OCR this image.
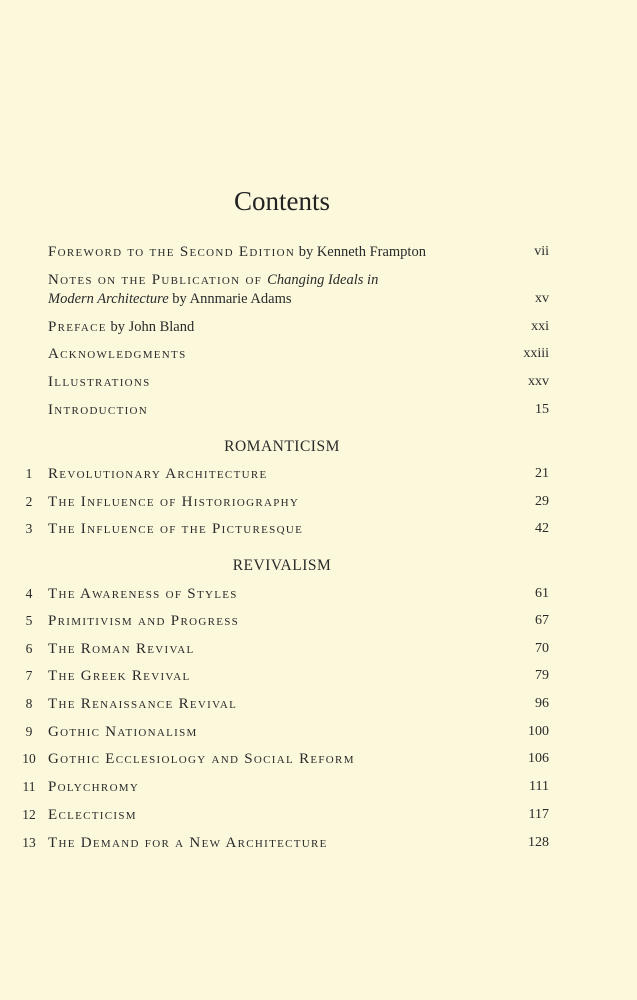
Contents
Foreword to the Second Edition by Kenneth Frampton	vii
Notes on the Publication of Changing Ideals in
Modern Architecture by Annmarie Adams	xv
Preface by John Bland	xxi
Acknowledgments	xxiii
Illustrations	xxv
Introduction	15
ROMANTICISM
1	Revolutionary Architecture	21
2	The Influence of Historiography	29
3	The Influence of the Picturesque	42
REVIVALISM
4	The Awareness of Styles	61
5	Primitivism and Progress	67
6	The Roman Revival	70
7	The Greek Revival	79
8	The Renaissance Revival	96
9	Gothic Nationalism	100
10 Gothic Ecclesiology and Social Reform	106
11 Polychromy	111
12 Eclecticism	117
13 The Demand for a New Architecture	128
